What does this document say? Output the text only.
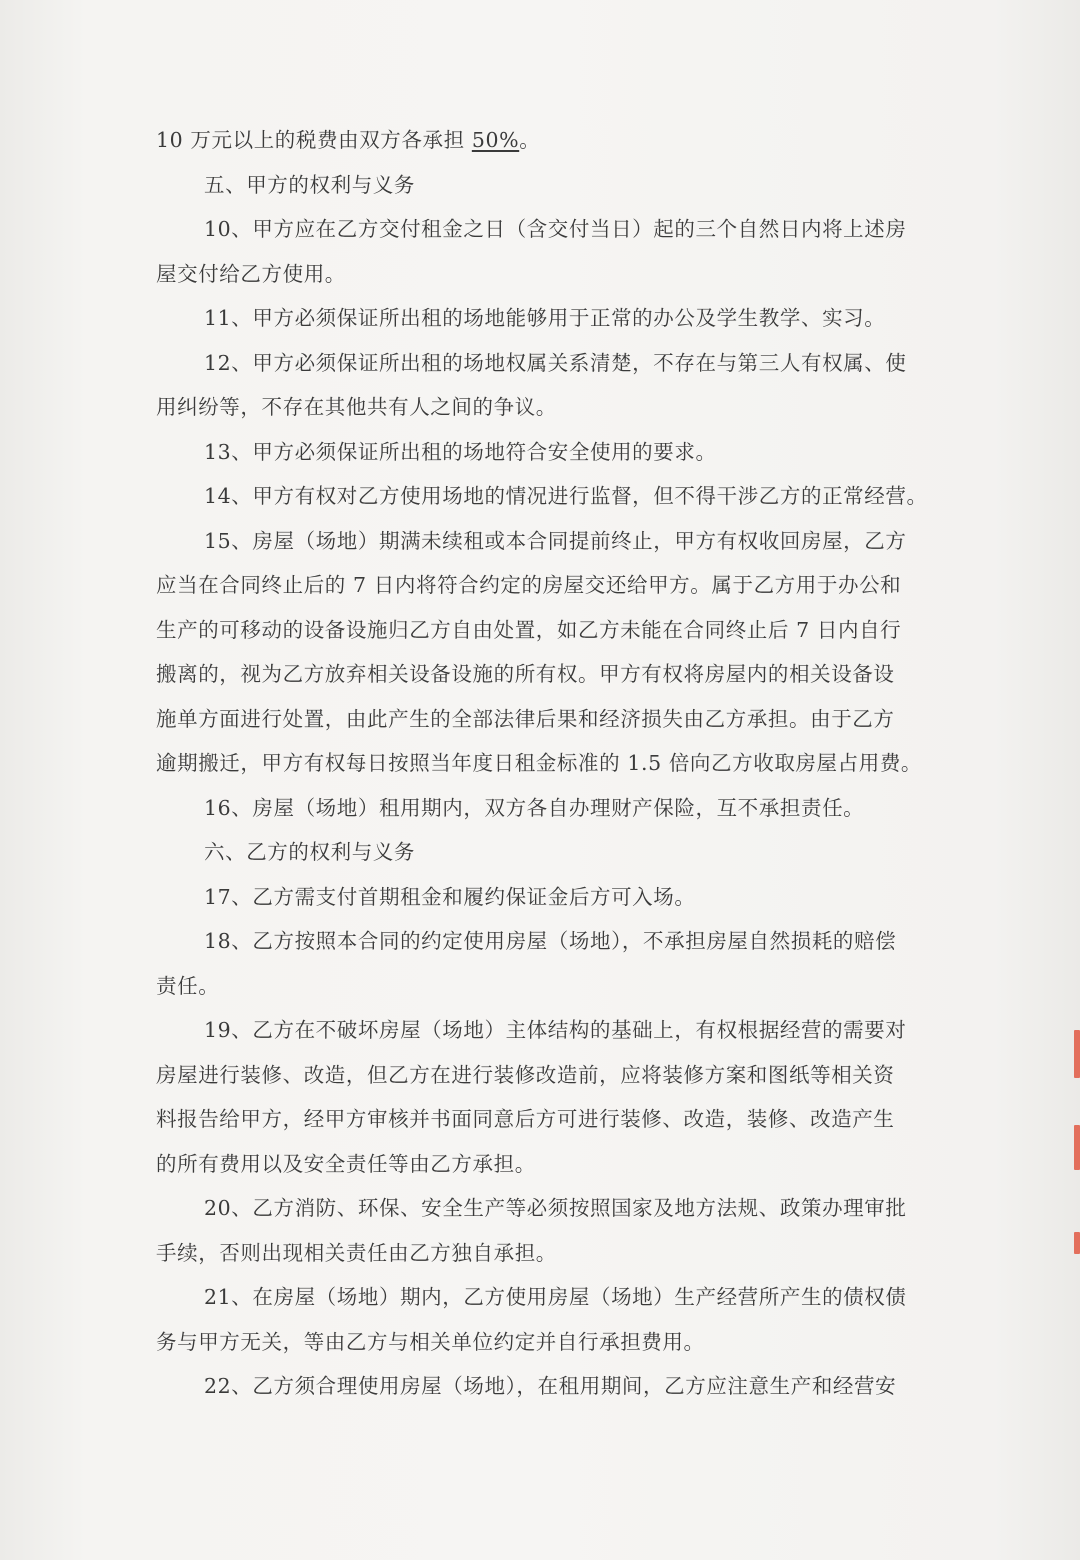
10 万元以上的税费由双方各承担 50%。
五、甲方的权利与义务
10、甲方应在乙方交付租金之日（含交付当日）起的三个自然日内将上述房
屋交付给乙方使用。
11、甲方必须保证所出租的场地能够用于正常的办公及学生教学、实习。
12、甲方必须保证所出租的场地权属关系清楚，不存在与第三人有权属、使
用纠纷等，不存在其他共有人之间的争议。
13、甲方必须保证所出租的场地符合安全使用的要求。
14、甲方有权对乙方使用场地的情况进行监督，但不得干涉乙方的正常经营。
15、房屋（场地）期满未续租或本合同提前终止，甲方有权收回房屋，乙方
应当在合同终止后的 7 日内将符合约定的房屋交还给甲方。属于乙方用于办公和
生产的可移动的设备设施归乙方自由处置，如乙方未能在合同终止后 7 日内自行
搬离的，视为乙方放弃相关设备设施的所有权。甲方有权将房屋内的相关设备设
施单方面进行处置，由此产生的全部法律后果和经济损失由乙方承担。由于乙方
逾期搬迁，甲方有权每日按照当年度日租金标准的 1.5 倍向乙方收取房屋占用费。
16、房屋（场地）租用期内，双方各自办理财产保险，互不承担责任。
六、乙方的权利与义务
17、乙方需支付首期租金和履约保证金后方可入场。
18、乙方按照本合同的约定使用房屋（场地），不承担房屋自然损耗的赔偿
责任。
19、乙方在不破坏房屋（场地）主体结构的基础上，有权根据经营的需要对
房屋进行装修、改造，但乙方在进行装修改造前，应将装修方案和图纸等相关资
料报告给甲方，经甲方审核并书面同意后方可进行装修、改造，装修、改造产生
的所有费用以及安全责任等由乙方承担。
20、乙方消防、环保、安全生产等必须按照国家及地方法规、政策办理审批
手续，否则出现相关责任由乙方独自承担。
21、在房屋（场地）期内，乙方使用房屋（场地）生产经营所产生的债权债
务与甲方无关，等由乙方与相关单位约定并自行承担费用。
22、乙方须合理使用房屋（场地），在租用期间，乙方应注意生产和经营安
